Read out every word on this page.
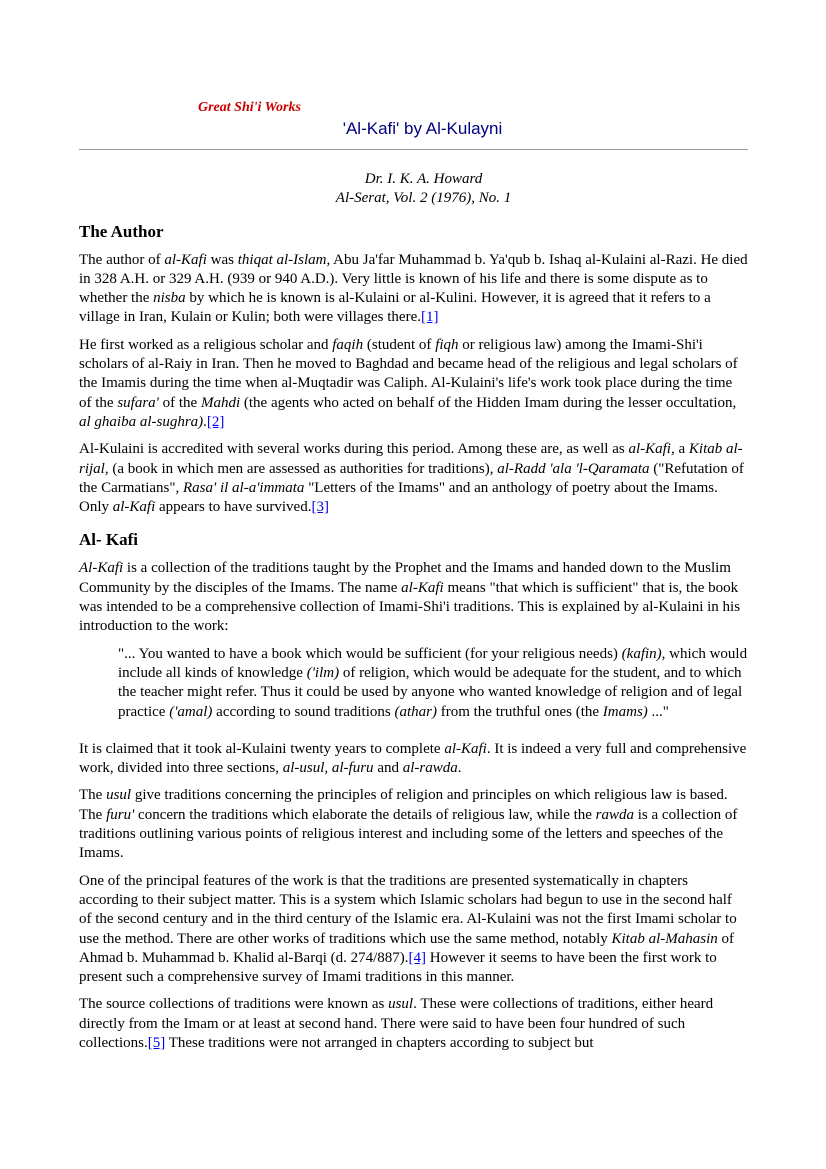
Great Shi'i Works
'Al-Kafi' by Al-Kulayni
Dr. I. K. A. Howard
Al-Serat, Vol. 2 (1976), No. 1
The Author

The author of al-Kafi was thiqat al-Islam, Abu Ja'far Muhammad b. Ya'qub b. Ishaq al-Kulaini al-Razi. He died in 328 A.H. or 329 A.H. (939 or 940 A.D.). Very little is known of his life and there is some dispute as to whether the nisba by which he is known is al-Kulaini or al-Kulini. However, it is agreed that it refers to a village in Iran, Kulain or Kulin; both were villages there.[1]

He first worked as a religious scholar and faqih (student of fiqh or religious law) among the Imami-Shi'i scholars of al-Raiy in Iran. Then he moved to Baghdad and became head of the religious and legal scholars of the Imamis during the time when al-Muqtadir was Caliph. Al-Kulaini's life's work took place during the time of the sufara' of the Mahdi (the agents who acted on behalf of the Hidden Imam during the lesser occultation, al ghaiba al-sughra).[2]

Al-Kulaini is accredited with several works during this period. Among these are, as well as al-Kafi, a Kitab al-rijal, (a book in which men are assessed as authorities for traditions), al-Radd 'ala 'l-Qaramata ("Refutation of the Carmatians", Rasa' il al-a'immata "Letters of the Imams" and an anthology of poetry about the Imams. Only al-Kafi appears to have survived.[3]

Al- Kafi

Al-Kafi is a collection of the traditions taught by the Prophet and the Imams and handed down to the Muslim Community by the disciples of the Imams. The name al-Kafi means "that which is sufficient" that is, the book was intended to be a comprehensive collection of Imami-Shi'i traditions. This is explained by al-Kulaini in his introduction to the work:

"... You wanted to have a book which would be sufficient (for your religious needs) (kafin), which would include all kinds of knowledge ('ilm) of religion, which would be adequate for the student, and to which the teacher might refer. Thus it could be used by anyone who wanted knowledge of religion and of legal practice ('amal) according to sound traditions (athar) from the truthful ones (the Imams) ..."

It is claimed that it took al-Kulaini twenty years to complete al-Kafi. It is indeed a very full and comprehensive work, divided into three sections, al-usul, al-furu and al-rawda.

The usul give traditions concerning the principles of religion and principles on which religious law is based. The furu' concern the traditions which elaborate the details of religious law, while the rawda is a collection of traditions outlining various points of religious interest and including some of the letters and speeches of the Imams.

One of the principal features of the work is that the traditions are presented systematically in chapters according to their subject matter. This is a system which Islamic scholars had begun to use in the second half of the second century and in the third century of the Islamic era. Al-Kulaini was not the first Imami scholar to use the method. There are other works of traditions which use the same method, notably Kitab al-Mahasin of Ahmad b. Muhammad b. Khalid al-Barqi (d. 274/887).[4] However it seems to have been the first work to present such a comprehensive survey of Imami traditions in this manner.

The source collections of traditions were known as usul. These were collections of traditions, either heard directly from the Imam or at least at second hand. There were said to have been four hundred of such collections.[5] These traditions were not arranged in chapters according to subject but
